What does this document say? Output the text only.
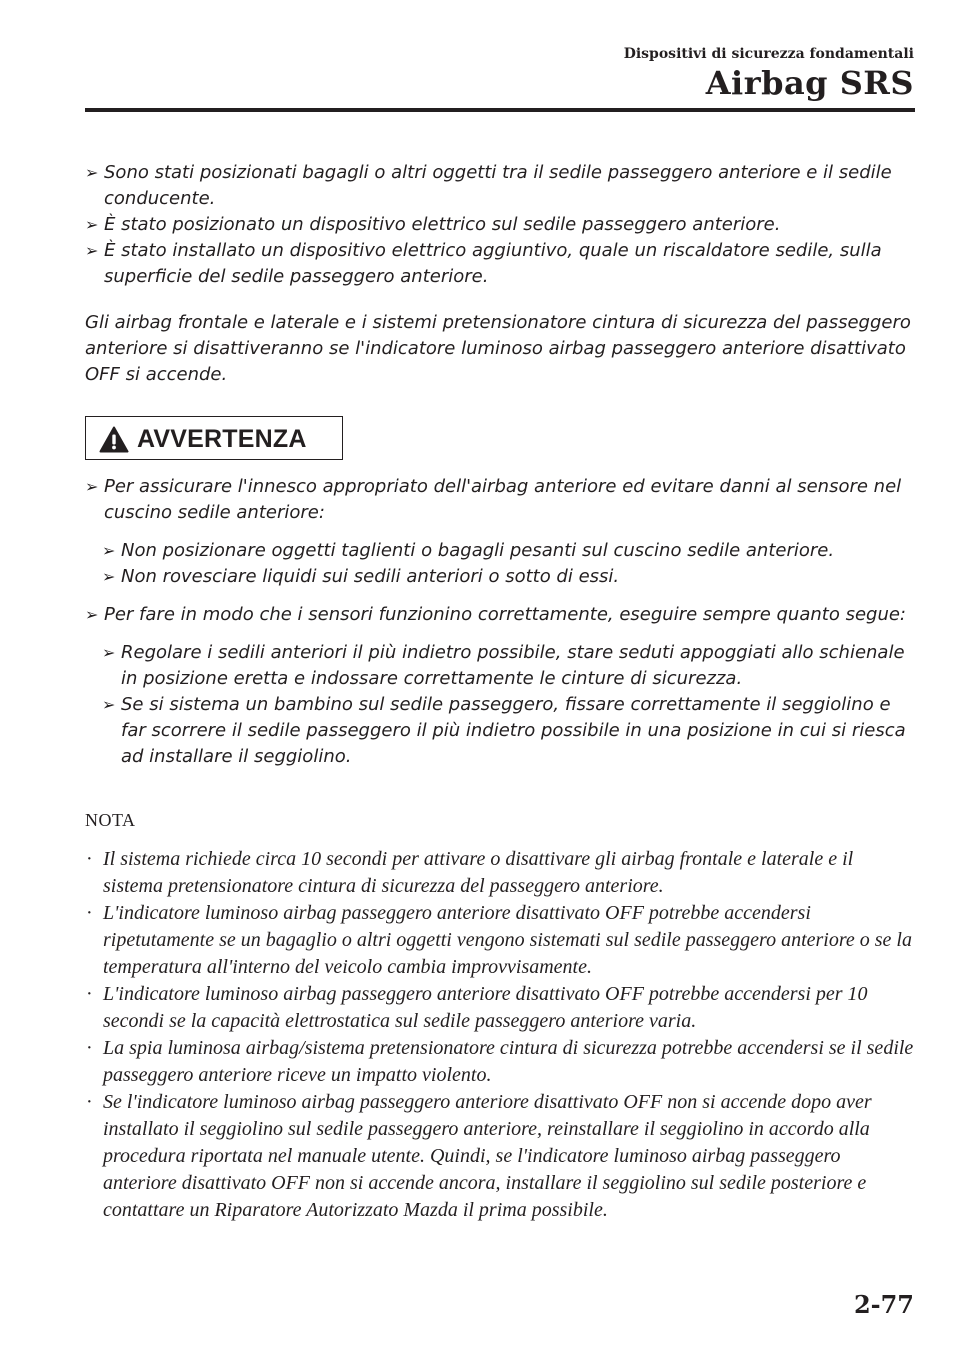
Dispositivi di sicurezza fondamentali
Airbag SRS
➢ Sono stati posizionati bagagli o altri oggetti tra il sedile passeggero anteriore e il sedile conducente.
➢ È stato posizionato un dispositivo elettrico sul sedile passeggero anteriore.
➢ È stato installato un dispositivo elettrico aggiuntivo, quale un riscaldatore sedile, sulla superficie del sedile passeggero anteriore.

Gli airbag frontale e laterale e i sistemi pretensionatore cintura di sicurezza del passeggero anteriore si disattiveranno se l'indicatore luminoso airbag passeggero anteriore disattivato OFF si accende.

AVVERTENZA
➢ Per assicurare l'innesco appropriato dell'airbag anteriore ed evitare danni al sensore nel cuscino sedile anteriore:
➢ Non posizionare oggetti taglienti o bagagli pesanti sul cuscino sedile anteriore.
➢ Non rovesciare liquidi sui sedili anteriori o sotto di essi.
➢ Per fare in modo che i sensori funzionino correttamente, eseguire sempre quanto segue:
➢ Regolare i sedili anteriori il più indietro possibile, stare seduti appoggiati allo schienale in posizione eretta e indossare correttamente le cinture di sicurezza.
➢ Se si sistema un bambino sul sedile passeggero, fissare correttamente il seggiolino e far scorrere il sedile passeggero il più indietro possibile in una posizione in cui si riesca ad installare il seggiolino.
NOTA
· Il sistema richiede circa 10 secondi per attivare o disattivare gli airbag frontale e laterale e il sistema pretensionatore cintura di sicurezza del passeggero anteriore.
· L'indicatore luminoso airbag passeggero anteriore disattivato OFF potrebbe accendersi ripetutamente se un bagaglio o altri oggetti vengono sistemati sul sedile passeggero anteriore o se la temperatura all'interno del veicolo cambia improvvisamente.
· L'indicatore luminoso airbag passeggero anteriore disattivato OFF potrebbe accendersi per 10 secondi se la capacità elettrostatica sul sedile passeggero anteriore varia.
· La spia luminosa airbag/sistema pretensionatore cintura di sicurezza potrebbe accendersi se il sedile passeggero anteriore riceve un impatto violento.
· Se l'indicatore luminoso airbag passeggero anteriore disattivato OFF non si accende dopo aver installato il seggiolino sul sedile passeggero anteriore, reinstallare il seggiolino in accordo alla procedura riportata nel manuale utente. Quindi, se l'indicatore luminoso airbag passeggero anteriore disattivato OFF non si accende ancora, installare il seggiolino sul sedile posteriore e contattare un Riparatore Autorizzato Mazda il prima possibile.
2-77
